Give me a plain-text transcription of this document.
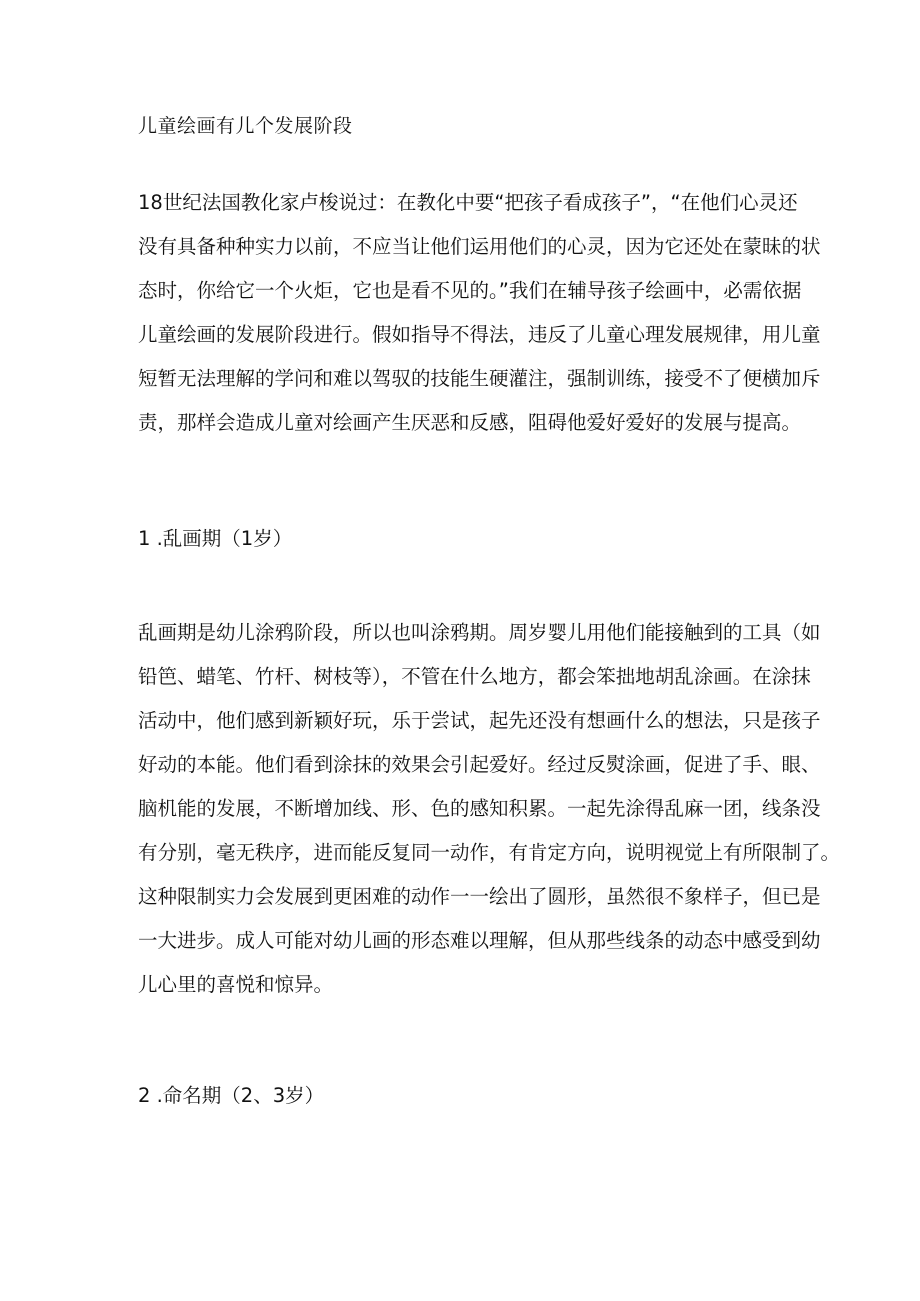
儿童绘画有儿个发展阶段
18世纪法国教化家卢梭说过：在教化中要“把孩子看成孩子”，“在他们心灵还
没有具备种种实力以前，不应当让他们运用他们的心灵，因为它还处在蒙昧的状
态时，你给它一个火炬，它也是看不见的。”我们在辅导孩子绘画中，必需依据
儿童绘画的发展阶段进行。假如指导不得法，违反了儿童心理发展规律，用儿童
短暂无法理解的学问和难以驾驭的技能生硬灌注，强制训练，接受不了便横加斥
责，那样会造成儿童对绘画产生厌恶和反感，阻碍他爱好爱好的发展与提高。
1 .乱画期（1岁）
乱画期是幼儿涂鸦阶段，所以也叫涂鸦期。周岁婴儿用他们能接触到的工具（如
铅笆、蜡笔、竹杆、树枝等），不管在什么地方，都会笨拙地胡乱涂画。在涂抹
活动中，他们感到新颖好玩，乐于尝试，起先还没有想画什么的想法，只是孩子
好动的本能。他们看到涂抹的效果会引起爱好。经过反熨涂画，促进了手、眼、
脑机能的发展，不断增加线、形、色的感知积累。一起先涂得乱麻一团，线条没
有分别，毫无秩序，进而能反复同一动作，有肯定方向，说明视觉上有所限制了。
这种限制实力会发展到更困难的动作一一绘出了圆形，虽然很不象样子，但已是
一大进步。成人可能对幼儿画的形态难以理解，但从那些线条的动态中感受到幼
儿心里的喜悦和惊异。
2 .命名期（2、3岁）
